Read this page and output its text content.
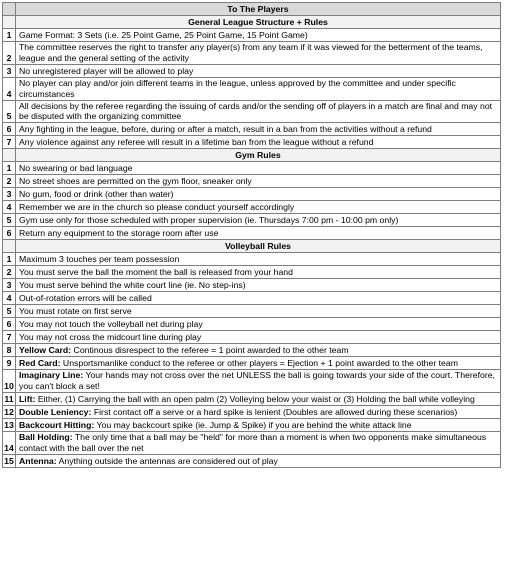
	To The Players
	General League Structure + Rules
1	Game Format: 3 Sets (i.e. 25 Point Game, 25 Point Game, 15 Point Game)
2	The committee reserves the right to transfer any player(s) from any team if it was viewed for the betterment of the teams, league and the general setting of the activity
3	No unregistered player will be allowed to play
4	No player can play and/or join different teams in the league, unless approved by the committee and under specific circumstances
5	All decisions by the referee regarding the issuing of cards and/or the sending off of players in a match are final and may not be disputed with the organizing committee
6	Any fighting in the league, before, during or after a match, result in a ban from the activities without a refund
7	Any violence against any referee will result in a lifetime ban from the league without a refund
	Gym Rules
1	No swearing or bad language
2	No street shoes are permitted on the gym floor, sneaker only
3	No gum, food or drink (other than water)
4	Remember we are in the church so please conduct yourself accordingly
5	Gym use only for those scheduled with proper supervision (ie. Thursdays 7:00 pm - 10:00 pm only)
6	Return any equipment to the storage room after use
	Volleyball Rules
1	Maximum 3 touches per team possession
2	You must serve the ball the moment the ball is released from your hand
3	You must serve behind the white court line (ie. No step-ins)
4	Out-of-rotation errors will be called
5	You must rotate on first serve
6	You may not touch the volleyball net during play
7	You may not cross the midcourt line during play
8	Yellow Card: Continous disrespect to the referee = 1 point awarded to the other team
9	Red Card: Unsportsmanlike conduct to the referee or other players = Ejection + 1 point awarded to the other team
10	Imaginary Line: Your hands may not cross over the net UNLESS the ball is going towards your side of the court. Therefore, you can't block a set!
11	Lift: Either, (1) Carrying the ball with an open palm (2) Volleying below your waist or (3) Holding the ball while volleying
12	Double Leniency: First contact off a serve or a hard spike is lenient (Doubles are allowed during these scenarios)
13	Backcourt Hitting: You may backcourt spike (ie. Jump & Spike) if you are behind the white attack line
14	Ball Holding: The only time that a ball may be "held" for more than a moment is when two opponents make simultaneous contact with the ball over the net
15	Antenna: Anything outside the antennas are considered out of play
